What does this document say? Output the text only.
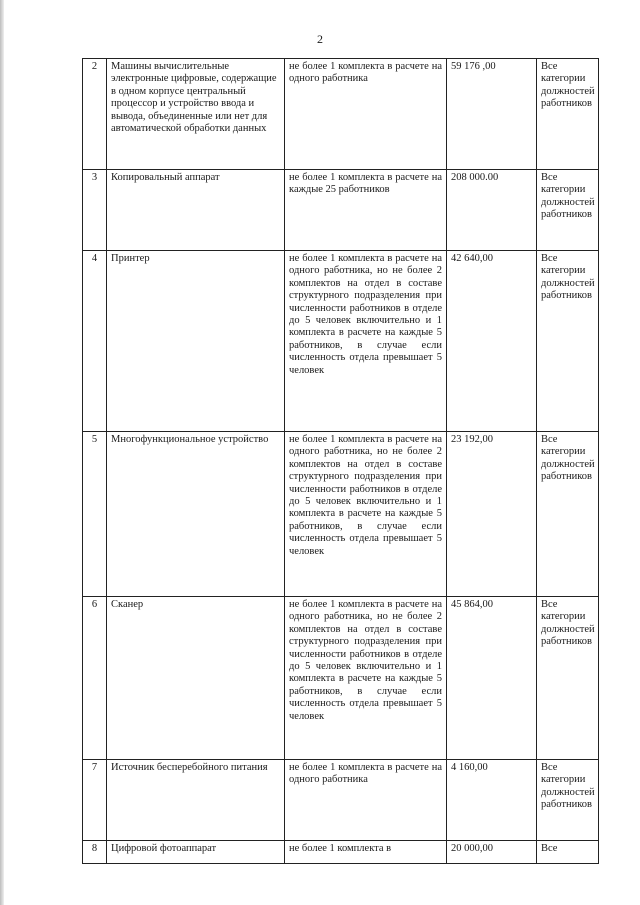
2
2	Машины вычислительные электронные цифровые, содержащие в одном корпусе центральный процессор и устройство ввода и вывода, объединенные или нет для автоматической обработки данных	не более 1 комплекта в расчете на одного работника	59 176 ,00	Все категории должностей работников

3	Копировальный аппарат	не более 1 комплекта в расчете на каждые 25 работников	208 000.00	Все категории должностей работников

4	Принтер	не более 1 комплекта в расчете на одного работника, но не более 2 комплектов на отдел в составе структурного подразделения при численности работников в отделе до 5 человек включительно и 1 комплекта в расчете на каждые 5 работников, в случае если численность отдела превышает 5 человек	42 640,00	Все категории должностей работников

5	Многофункциональное устройство	не более 1 комплекта в расчете на одного работника, но не более 2 комплектов на отдел в составе структурного подразделения при численности работников в отделе до 5 человек включительно и 1 комплекта в расчете на каждые 5 работников, в случае если численность отдела превышает 5 человек	23 192,00	Все категории должностей работников

6	Сканер	не более 1 комплекта в расчете на одного работника, но не более 2 комплектов на отдел в составе структурного подразделения при численности работников в отделе до 5 человек включительно и 1 комплекта в расчете на каждые 5 работников, в случае если численность отдела превышает 5 человек	45 864,00	Все категории должностей работников

7	Источник бесперебойного питания	не более 1 комплекта в расчете на одного работника	4 160,00	Все категории должностей работников

8	Цифровой фотоаппарат	не более 1 комплекта в	20 000,00	Все
